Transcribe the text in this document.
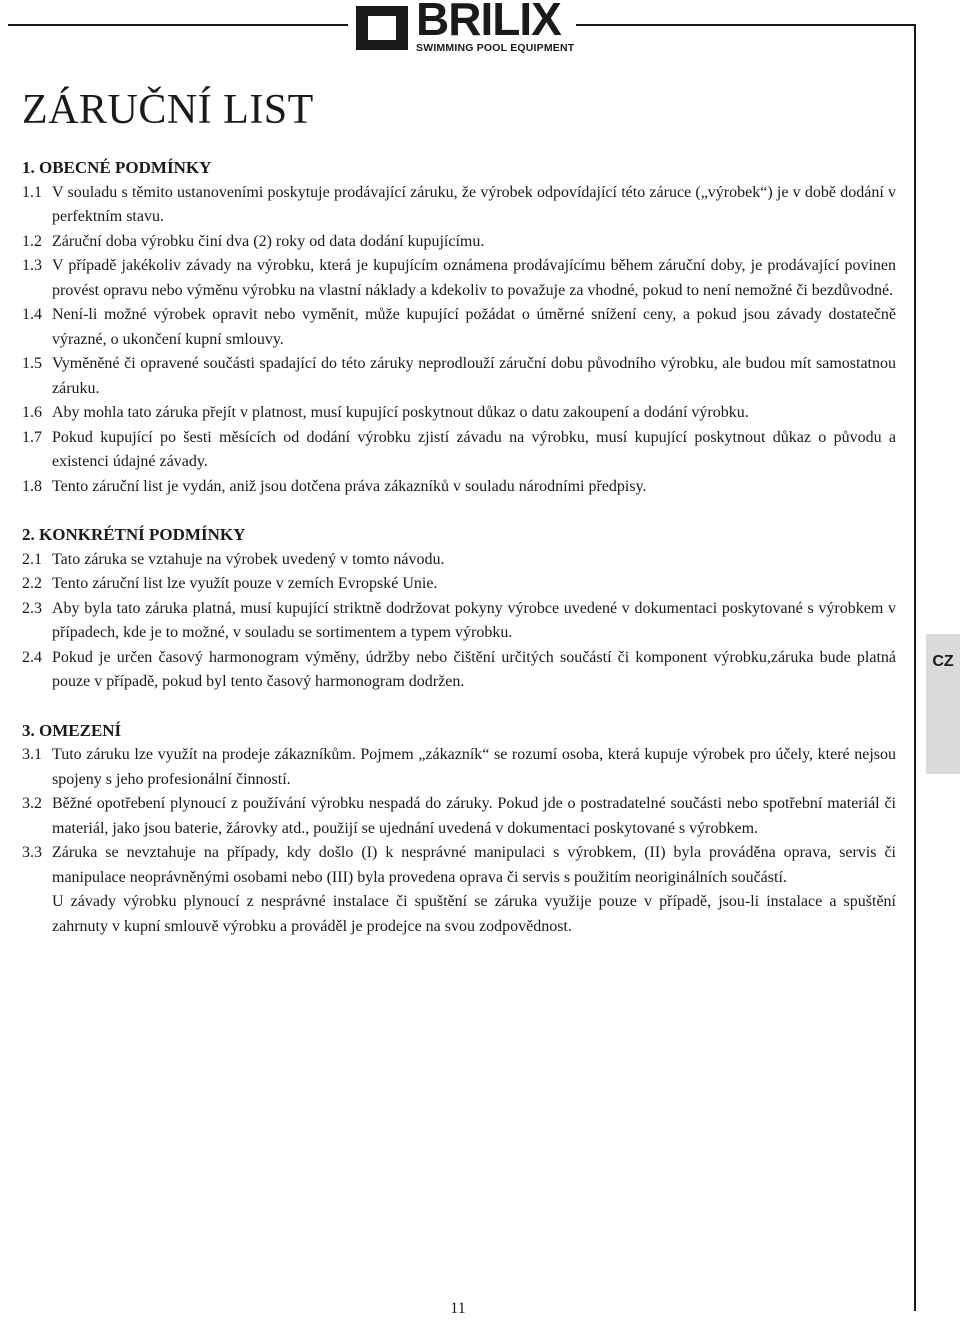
BRILIX
SWIMMING POOL EQUIPMENT
ZÁRUČNÍ LIST
1. OBECNÉ PODMÍNKY
1.1 V souladu s těmito ustanoveními poskytuje prodávající záruku, že výrobek odpovídající této záruce („výrobek“) je v době dodání v perfektním stavu.
1.2 Záruční doba výrobku činí dva (2) roky od data dodání kupujícímu.
1.3 V případě jakékoliv závady na výrobku, která je kupujícím oznámena prodávajícímu během záruční doby, je prodávající povinen provést opravu nebo výměnu výrobku na vlastní náklady a kdekoliv to považuje za vhodné, pokud to není nemožné či bezdůvodné.
1.4 Není-li možné výrobek opravit nebo vyměnit, může kupující požádat o úměrné snížení ceny, a pokud jsou závady dostatečně výrazné, o ukončení kupní smlouvy.
1.5 Vyměněné či opravené součásti spadající do této záruky neprodlouží záruční dobu původního výrobku, ale budou mít samostatnou záruku.
1.6 Aby mohla tato záruka přejít v platnost, musí kupující poskytnout důkaz o datu zakoupení a dodání výrobku.
1.7 Pokud kupující po šesti měsících od dodání výrobku zjistí závadu na výrobku, musí kupující poskytnout důkaz o původu a existenci údajné závady.
1.8 Tento záruční list je vydán, aniž jsou dotčena práva zákazníků v souladu národními předpisy.
2. KONKRÉTNÍ PODMÍNKY
2.1 Tato záruka se vztahuje na výrobek uvedený v tomto návodu.
2.2 Tento záruční list lze využít pouze v zemích Evropské Unie.
2.3 Aby byla tato záruka platná, musí kupující striktně dodržovat pokyny výrobce uvedené v dokumentaci poskytované s výrobkem v případech, kde je to možné, v souladu se sortimentem a typem výrobku.
2.4 Pokud je určen časový harmonogram výměny, údržby nebo čištění určitých součástí či komponent výrobku,záruka bude platná pouze v případě, pokud byl tento časový harmonogram dodržen.
3. OMEZENÍ
3.1 Tuto záruku lze využít na prodeje zákazníkům. Pojmem „zákazník“ se rozumí osoba, která kupuje výrobek pro účely, které nejsou spojeny s jeho profesionální činností.
3.2 Běžné opotřebení plynoucí z používání výrobku nespadá do záruky. Pokud jde o postradatelné součásti nebo spotřební materiál či materiál, jako jsou baterie, žárovky atd., použijí se ujednání uvedená v dokumentaci poskytované s výrobkem.
3.3 Záruka se nevztahuje na případy, kdy došlo (I) k nesprávné manipulaci s výrobkem, (II) byla prováděna oprava, servis či manipulace neoprávněnými osobami nebo (III) byla provedena oprava či servis s použitím neoriginálních součástí.
U závady výrobku plynoucí z nesprávné instalace či spuštění se záruka využije pouze v případě, jsou-li instalace a spuštění zahrnuty v kupní smlouvě výrobku a prováděl je prodejce na svou zodpovědnost.
CZ
11
